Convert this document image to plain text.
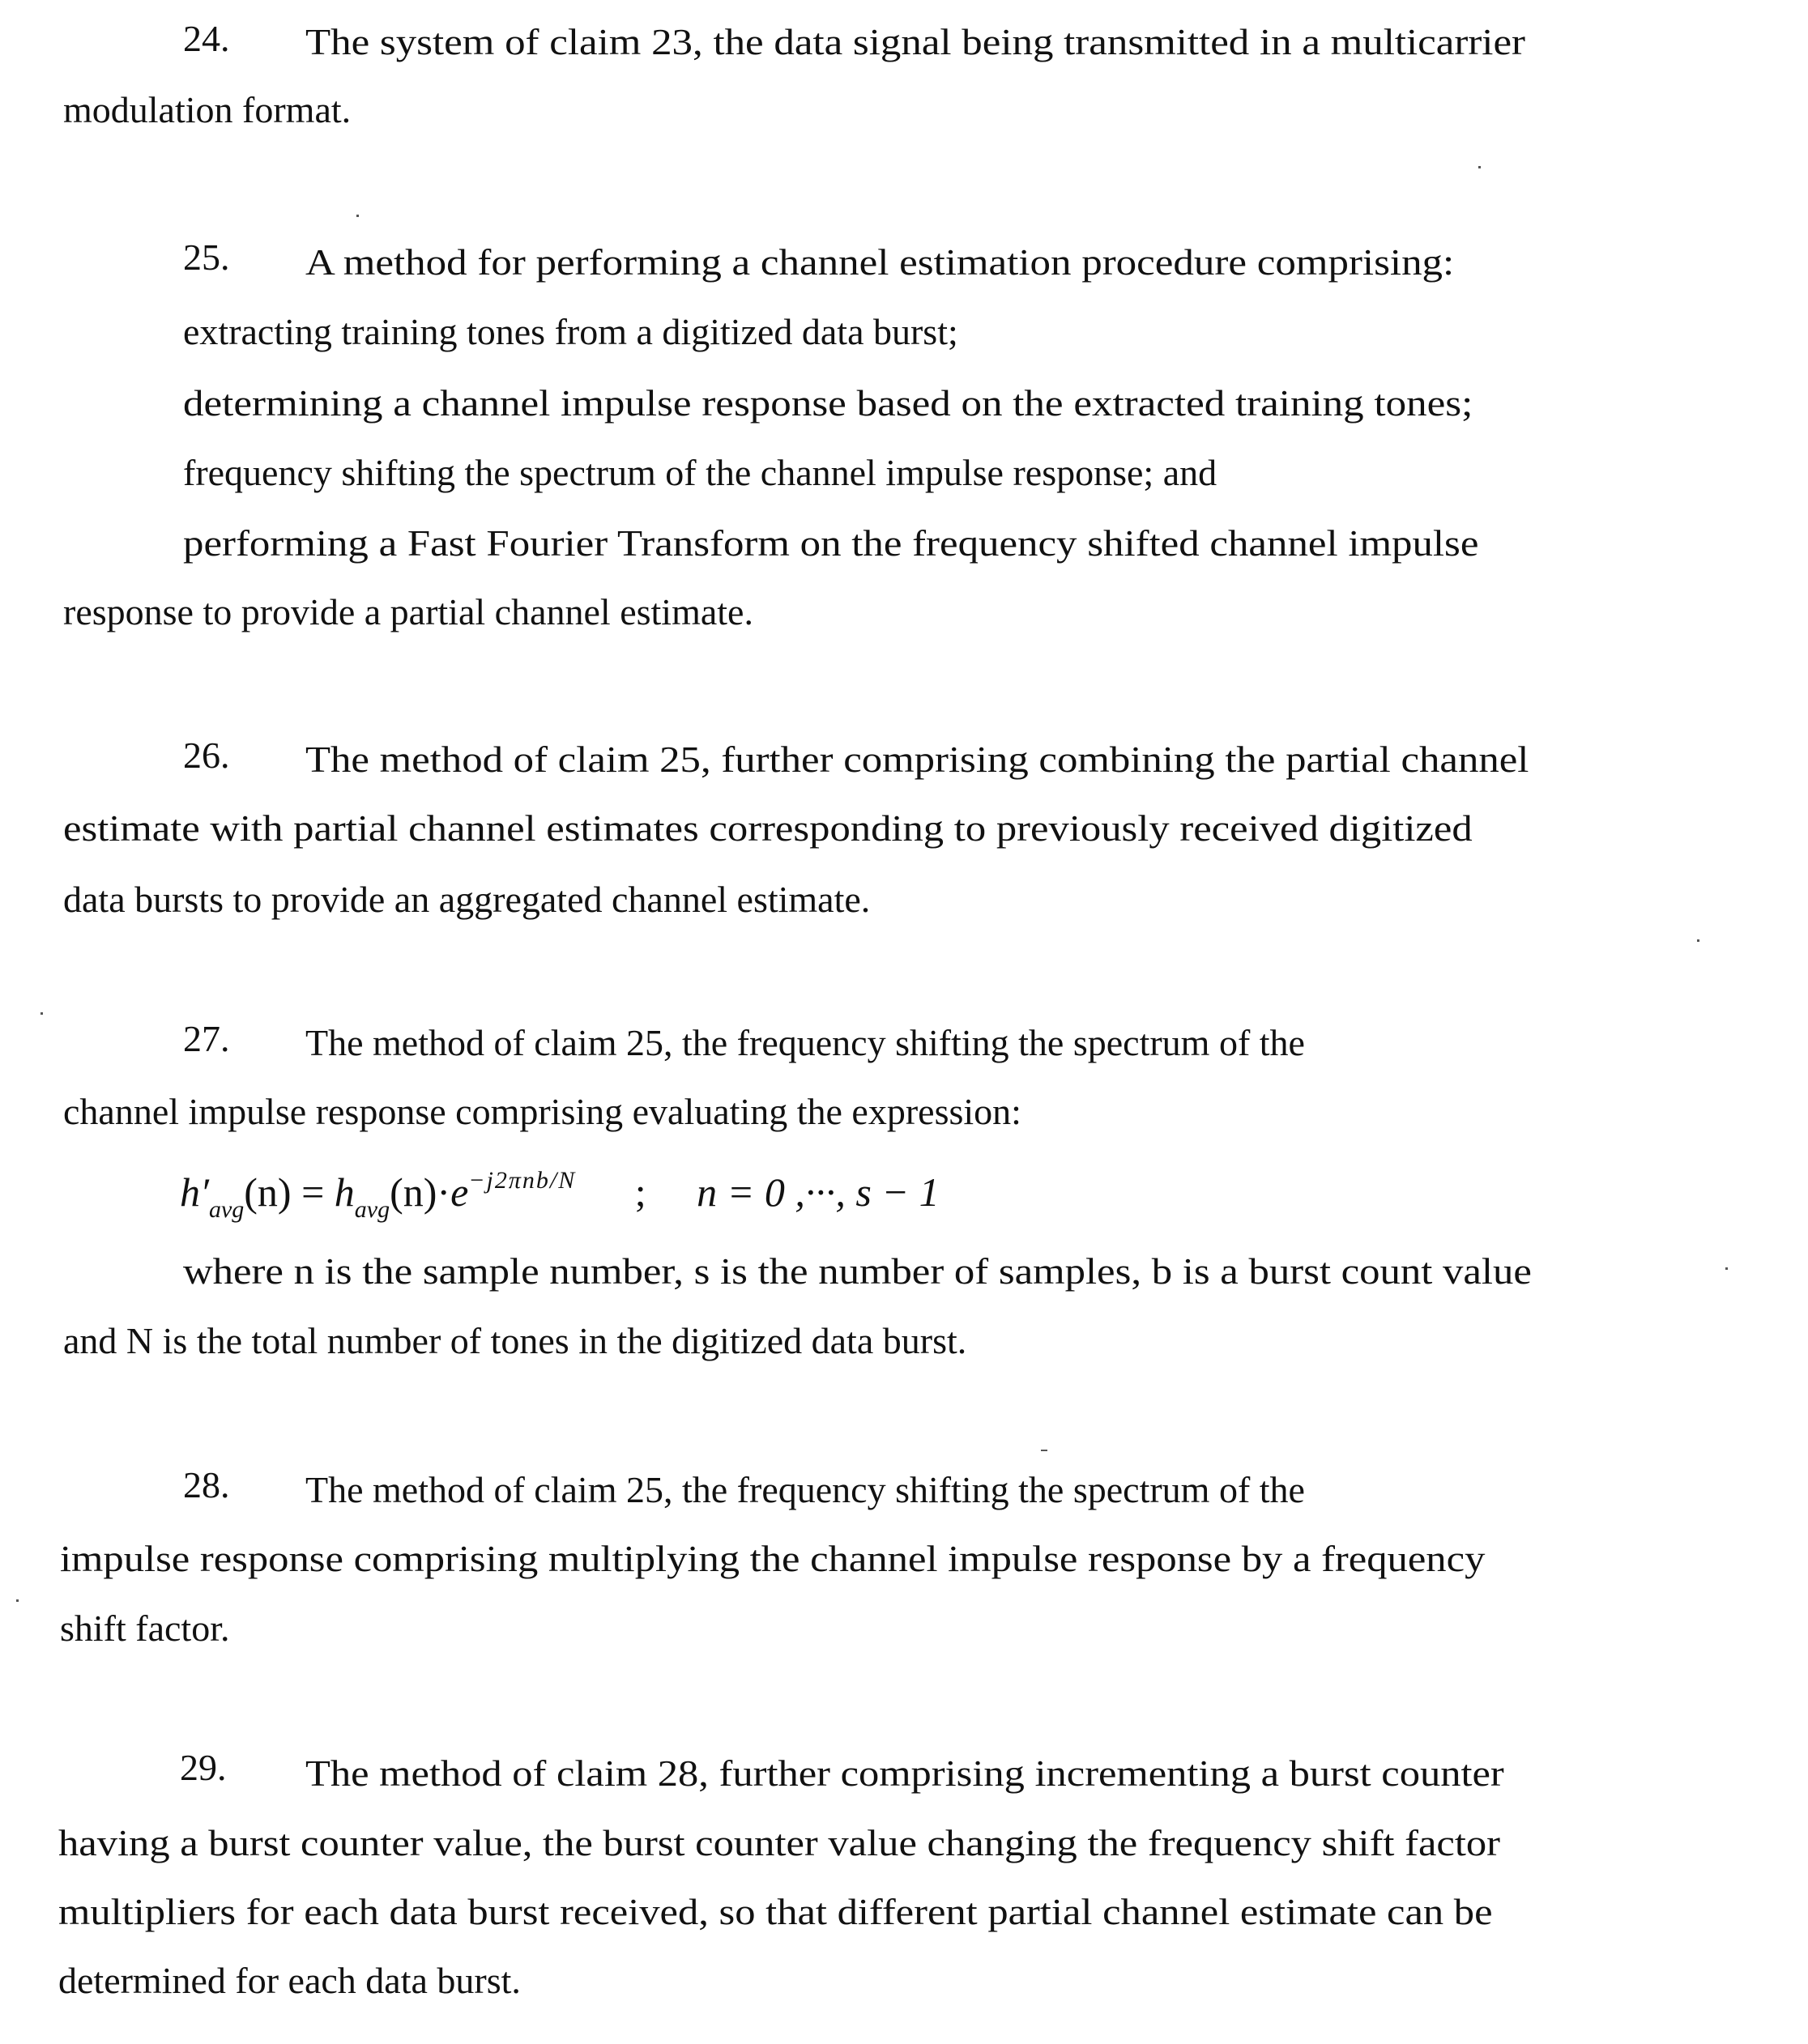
24. The system of claim 23, the data signal being transmitted in a multicarrier
modulation format.
25. A method for performing a channel estimation procedure comprising:
extracting training tones from a digitized data burst;
determining a channel impulse response based on the extracted training tones;
frequency shifting the spectrum of the channel impulse response; and
performing a Fast Fourier Transform on the frequency shifted channel impulse
response to provide a partial channel estimate.
26. The method of claim 25, further comprising combining the partial channel
estimate with partial channel estimates corresponding to previously received digitized
data bursts to provide an aggregated channel estimate.
27. The method of claim 25, the frequency shifting the spectrum of the
channel impulse response comprising evaluating the expression:
$h'_{avg}(n) = h_{avg}(n)\cdot e^{-j2\pi nb/N}$ ; n = 0 ,···, s − 1
where n is the sample number, s is the number of samples, b is a burst count value
and N is the total number of tones in the digitized data burst.
28. The method of claim 25, the frequency shifting the spectrum of the
impulse response comprising multiplying the channel impulse response by a frequency
shift factor.
29. The method of claim 28, further comprising incrementing a burst counter
having a burst counter value, the burst counter value changing the frequency shift factor
multipliers for each data burst received, so that different partial channel estimate can be
determined for each data burst.
